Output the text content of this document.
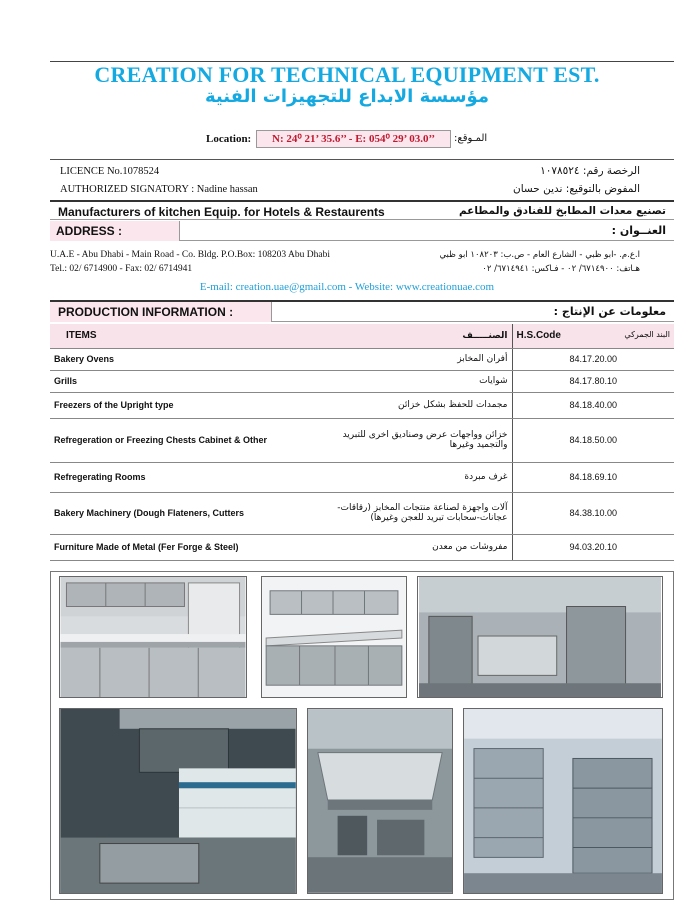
CREATION FOR TECHNICAL EQUIPMENT EST.
مؤسسة الابداع للتجهيزات الفنية
Location:	N: 24⁰ 21’ 35.6’’ - E: 054⁰ 29’ 03.0’’	المـوقع:
LICENCE No.1078524
AUTHORIZED SIGNATORY : Nadine hassan
الرخصة رقم: ١٠٧٨٥٢٤
المفوض بالتوقيع: ندين حسان
Manufacturers of kitchen Equip. for Hotels & Restaurents	تصنيع معدات المطابخ للفنادق والمطاعم
ADDRESS :	العنــوان :
U.A.E - Abu Dhabi - Main Road - Co. Bldg. P.O.Box: 108203 Abu Dhabi
Tel.: 02/ 6714900 - Fax: 02/ 6714941
ا.ع.م. -ابو ظبي - الشارع العام - ص.ب: ١٠٨٢٠٣ ابو ظبي
هـاتف: ٦٧١٤٩٠٠/ ٠٢ - فـاكس: ٦٧١٤٩٤١/ ٠٢
E-mail: creation.uae@gmail.com - Website: www.creationuae.com
PRODUCTION INFORMATION :	معلومات عن الإنتاج :
ITEMS	الصنـــــف	H.S.Code البند الجمركي

Bakery Ovens	أفران المخابز	84.17.20.00
Grills	شوايات	84.17.80.10
Freezers of the Upright type	مجمدات للحفظ بشكل خزائن	84.18.40.00
Refregeration or Freezing Chests Cabinet & Other	خزائن وواجهات عرض وصناديق اخرى للتبريد والتجميد وغيرها	84.18.50.00
Refregerating Rooms	غرف مبردة	84.18.69.10
Bakery Machinery (Dough Flateners, Cutters	آلات واجهزة لصناعة منتجات المخابز (رقاقات- عجانات-سحابات تبريد للعجن وغيرها)	84.38.10.00
Furniture Made of Metal (Fer Forge & Steel)	مفروشات من معدن	94.03.20.10
